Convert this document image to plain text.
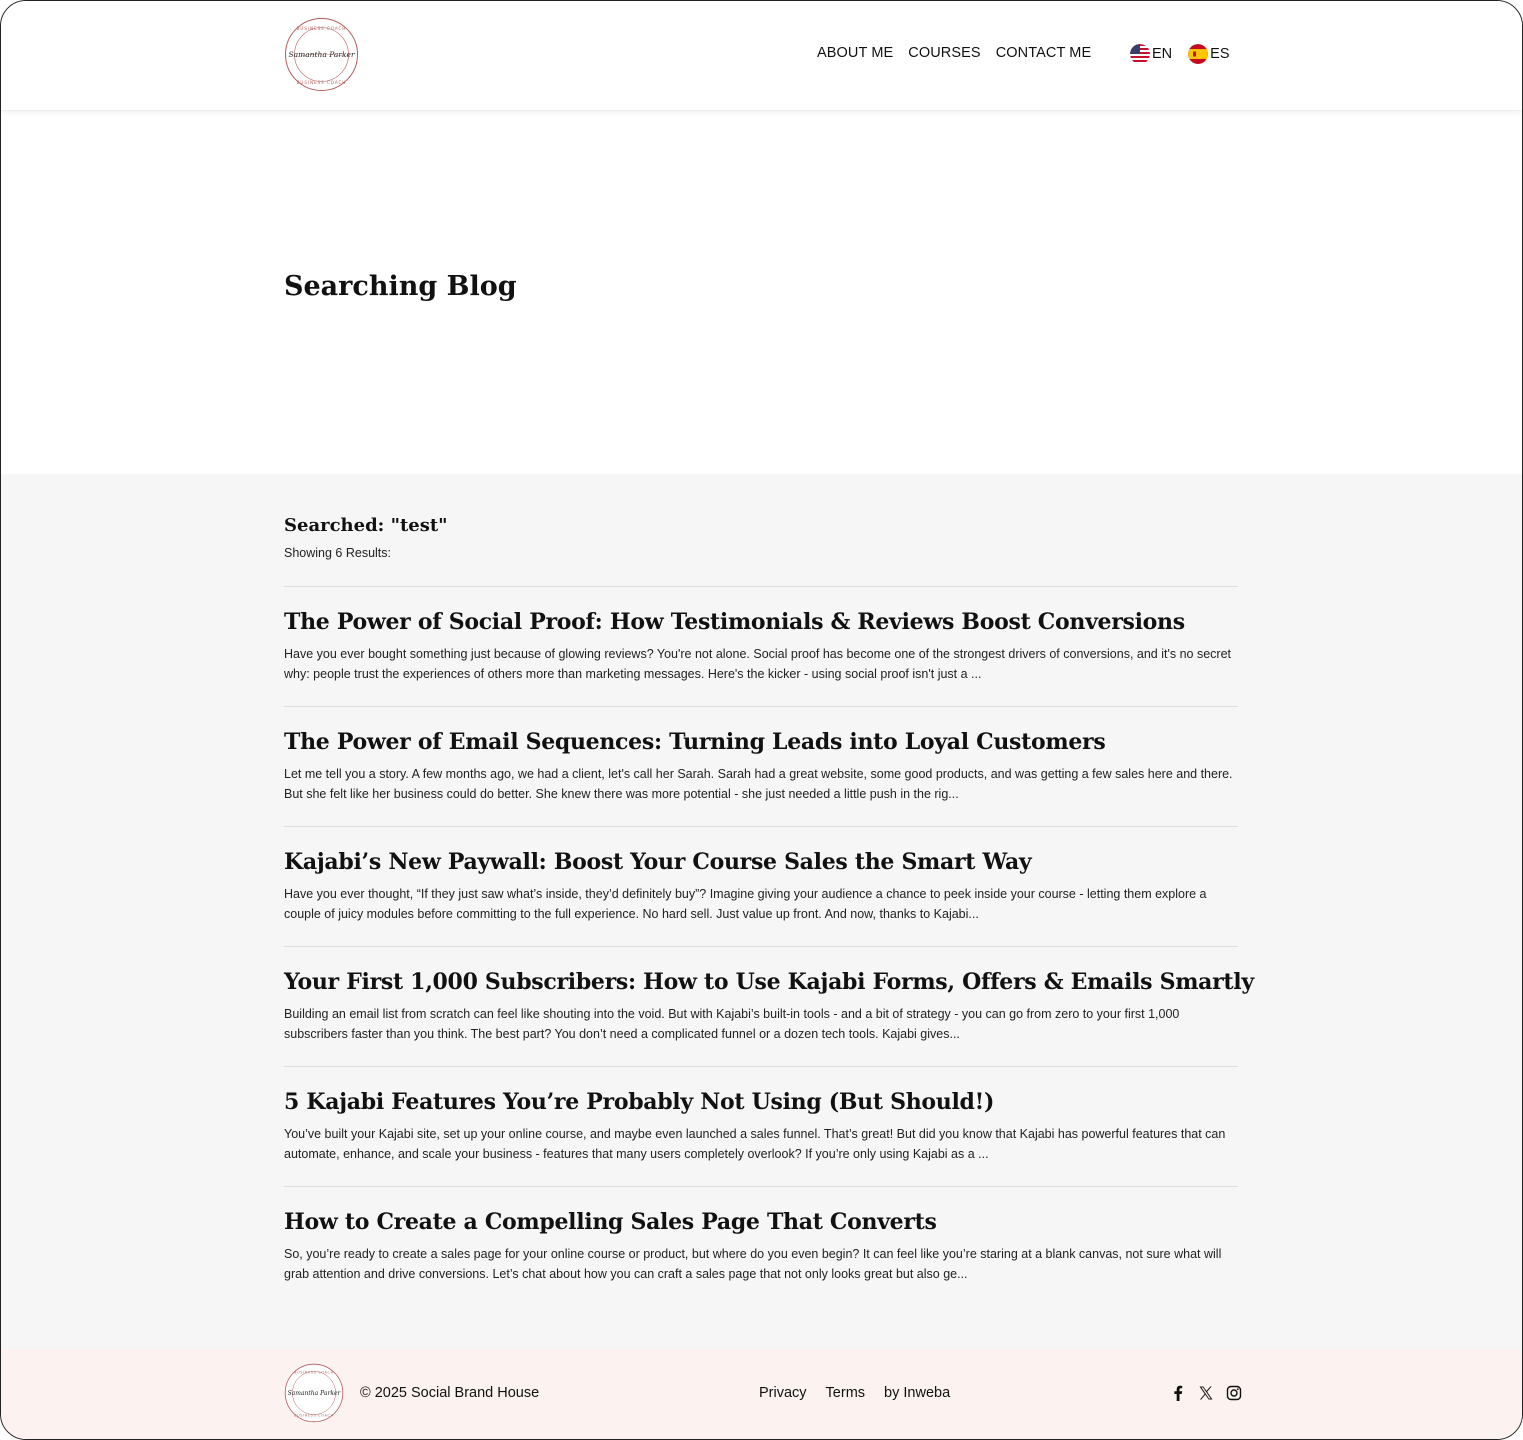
Samantha Parker
BUSINESS COACH
BUSINESS COACH
ABOUT ME COURSES CONTACT ME	EN	ES
Searching Blog
Searched: "test"
Showing 6 Results:
The Power of Social Proof: How Testimonials & Reviews Boost Conversions

Have you ever bought something just because of glowing reviews? You're not alone. Social proof has become one of the strongest drivers of conversions, and it's no secret why: people trust the experiences of others more than marketing messages. Here's the kicker - using social proof isn't just a ...

The Power of Email Sequences: Turning Leads into Loyal Customers

Let me tell you a story. A few months ago, we had a client, let's call her Sarah. Sarah had a great website, some good products, and was getting a few sales here and there. But she felt like her business could do better. She knew there was more potential - she just needed a little push in the rig...

Kajabi’s New Paywall: Boost Your Course Sales the Smart Way

Have you ever thought, “If they just saw what’s inside, they’d definitely buy”? Imagine giving your audience a chance to peek inside your course - letting them explore a couple of juicy modules before committing to the full experience. No hard sell. Just value up front. And now, thanks to Kajabi...

Your First 1,000 Subscribers: How to Use Kajabi Forms, Offers & Emails Smartly

Building an email list from scratch can feel like shouting into the void. But with Kajabi’s built-in tools - and a bit of strategy - you can go from zero to your first 1,000 subscribers faster than you think. The best part? You don’t need a complicated funnel or a dozen tech tools. Kajabi gives...

5 Kajabi Features You’re Probably Not Using (But Should!)

You’ve built your Kajabi site, set up your online course, and maybe even launched a sales funnel. That’s great! But did you know that Kajabi has powerful features that can automate, enhance, and scale your business - features that many users completely overlook? If you’re only using Kajabi as a ...

How to Create a Compelling Sales Page That Converts

So, you’re ready to create a sales page for your online course or product, but where do you even begin? It can feel like you’re staring at a blank canvas, not sure what will grab attention and drive conversions. Let’s chat about how you can craft a sales page that not only looks great but also ge...

Samantha Parker
BUSINESS COACH
BUSINESS COACH
© 2025 Social Brand House	Privacy Terms by Inweba
